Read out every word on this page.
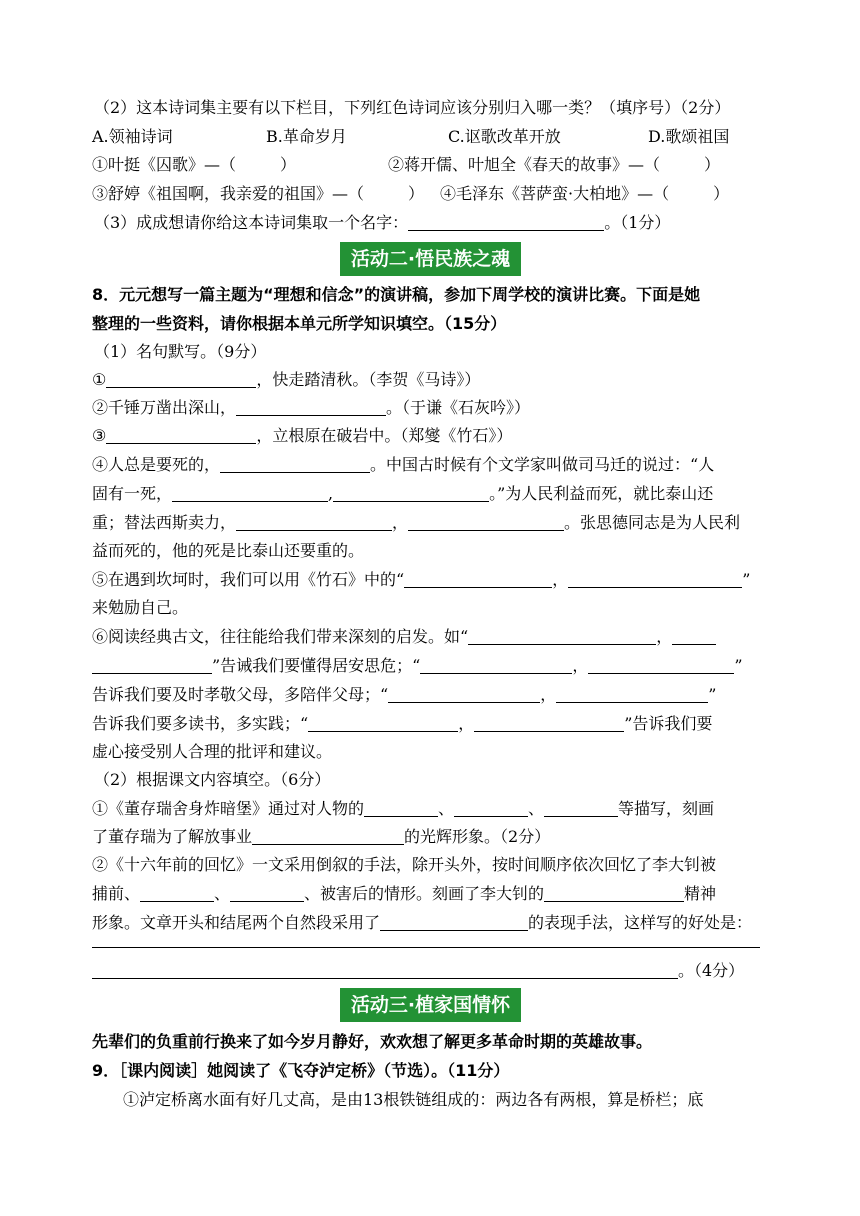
（2）这本诗词集主要有以下栏目，下列红色诗词应该分别归入哪一类？（填序号）（2分）
A.领袖诗词	B.革命岁月	C.讴歌改革开放	D.歌颂祖国
①叶挺《囚歌》—（	）	②蒋开儒、叶旭全《春天的故事》—（	）
③舒婷《祖国啊，我亲爱的祖国》—（	） ④毛泽东《菩萨蛮·大柏地》—（	）
（3）成成想请你给这本诗词集取一个名字：	。（1分）
活动二·悟民族之魂
8．元元想写一篇主题为“理想和信念”的演讲稿，参加下周学校的演讲比赛。下面是她
整理的一些资料，请你根据本单元所学知识填空。（15分）
（1）名句默写。（9分）
①	，快走踏清秋。（李贺《马诗》）
②千锤万凿出深山，	。（于谦《石灰吟》）
③	，立根原在破岩中。（郑燮《竹石》）
④人总是要死的，	。中国古时候有个文学家叫做司马迁的说过：“人
固有一死，	,	。”为人民利益而死，就比泰山还
重；替法西斯卖力，	，	。张思德同志是为人民利
益而死的，他的死是比泰山还要重的。
⑤在遇到坎坷时，我们可以用《竹石》中的“	，	”
来勉励自己。
⑥阅读经典古文，往往能给我们带来深刻的启发。如“	，
”告诫我们要懂得居安思危；“	，	”
告诉我们要及时孝敬父母，多陪伴父母；“	，	”
告诉我们要多读书，多实践；“	，	”告诉我们要
虚心接受别人合理的批评和建议。
（2）根据课文内容填空。（6分）
①《董存瑞舍身炸暗堡》通过对人物的	、	、	等描写，刻画
了董存瑞为了解放事业	的光辉形象。（2分）
②《十六年前的回忆》一文采用倒叙的手法，除开头外，按时间顺序依次回忆了李大钊被
捕前、	、	、被害后的情形。刻画了李大钊的	精神
形象。文章开头和结尾两个自然段采用了	的表现手法，这样写的好处是：
。（4分）
活动三·植家国情怀
先辈们的负重前行换来了如今岁月静好，欢欢想了解更多革命时期的英雄故事。
9．［课内阅读］她阅读了《飞夺泸定桥》（节选）。（11分）
①泸定桥离水面有好几丈高，是由13根铁链组成的：两边各有两根，算是桥栏；底
